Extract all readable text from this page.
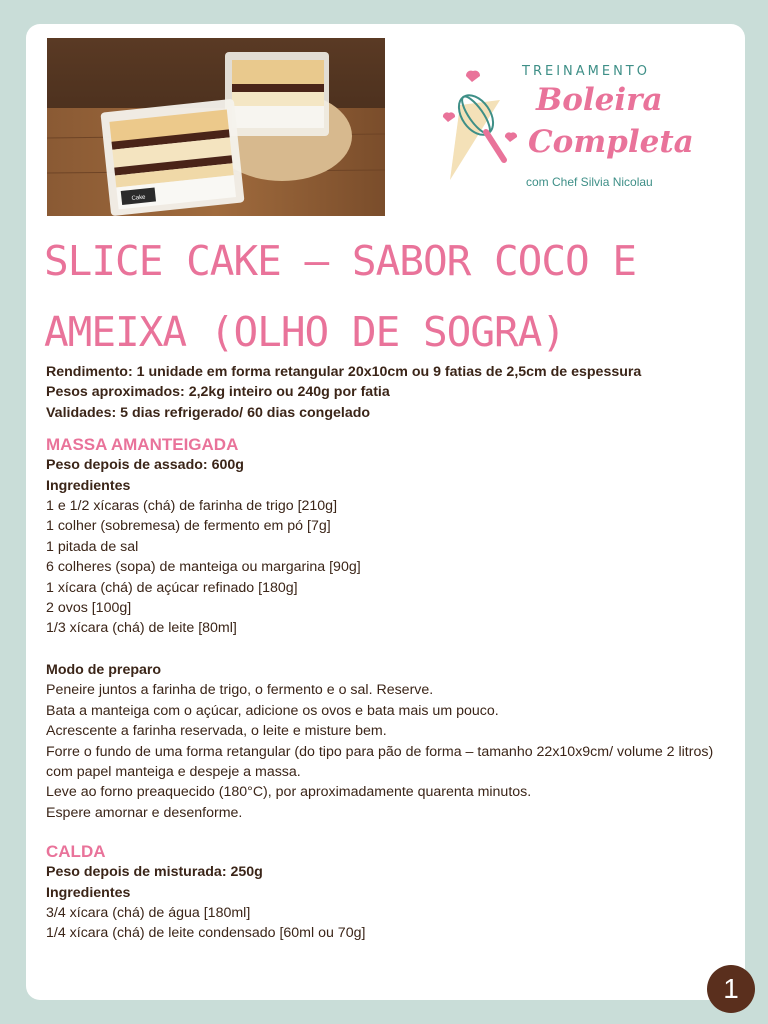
Cake
TREINAMENTO
Boleira
Completa
com Chef Silvia Nicolau
SLICE CAKE – SABOR COCO E AMEIXA (OLHO DE SOGRA)
Rendimento: 1 unidade em forma retangular 20x10cm ou 9 fatias de 2,5cm de espessura
Pesos aproximados: 2,2kg inteiro ou 240g por fatia
Validades: 5 dias refrigerado/ 60 dias congelado
MASSA AMANTEIGADA
Peso depois de assado: 600g
Ingredientes
1 e 1/2 xícaras (chá) de farinha de trigo [210g]
1 colher (sobremesa) de fermento em pó [7g]
1 pitada de sal
6 colheres (sopa) de manteiga ou margarina [90g]
1 xícara (chá) de açúcar refinado [180g]
2 ovos [100g]
1/3 xícara (chá) de leite [80ml]
Modo de preparo
Peneire juntos a farinha de trigo, o fermento e o sal. Reserve.
Bata a manteiga com o açúcar, adicione os ovos e bata mais um pouco.
Acrescente a farinha reservada, o leite e misture bem.
Forre o fundo de uma forma retangular (do tipo para pão de forma – tamanho 22x10x9cm/ volume 2 litros) com papel manteiga e despeje a massa.
Leve ao forno preaquecido (180°C), por aproximadamente quarenta minutos.
Espere amornar e desenforme.
CALDA
Peso depois de misturada: 250g
Ingredientes
3/4 xícara (chá) de água [180ml]
1/4 xícara (chá) de leite condensado [60ml ou 70g]
1
